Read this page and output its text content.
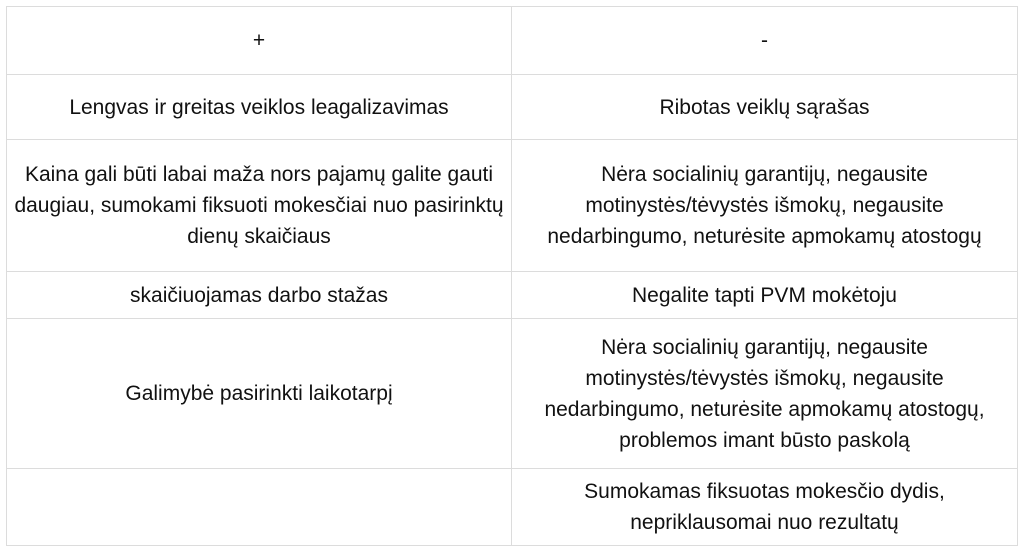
+	-
Lengvas ir greitas veiklos leagalizavimas	Ribotas veiklų sąrašas
Kaina gali būti labai maža nors pajamų galite gauti daugiau, sumokami fiksuoti mokesčiai nuo pasirinktų dienų skaičiaus	Nėra socialinių garantijų, negausite motinystės/tėvystės išmokų, negausite nedarbingumo, neturėsite apmokamų atostogų
skaičiuojamas darbo stažas	Negalite tapti PVM mokėtoju
Galimybė pasirinkti laikotarpį	Nėra socialinių garantijų, negausite motinystės/tėvystės išmokų, negausite nedarbingumo, neturėsite apmokamų atostogų, problemos imant būsto paskolą
	Sumokamas fiksuotas mokesčio dydis, nepriklausomai nuo rezultatų
